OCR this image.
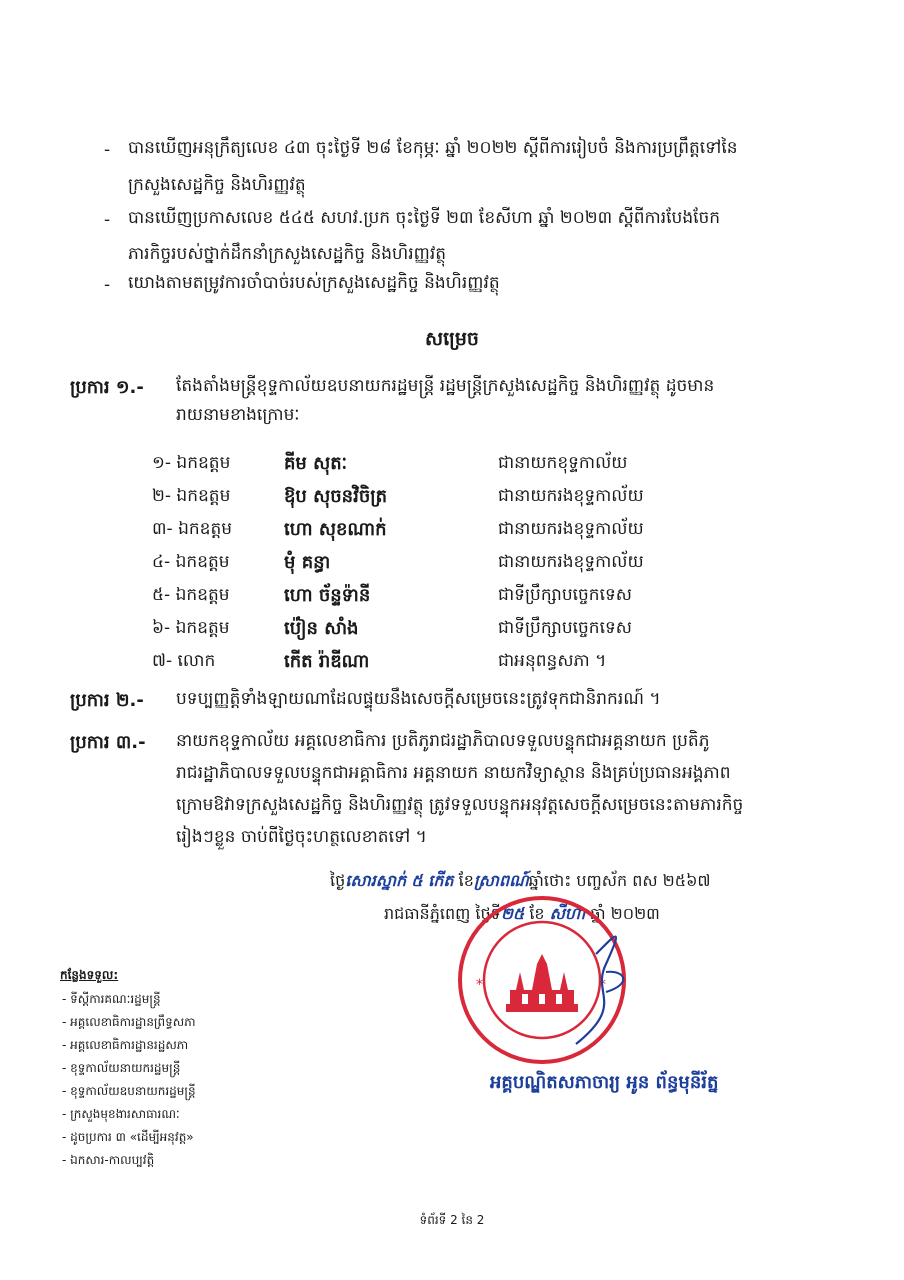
- បានឃើញអនុក្រឹត្យលេខ ៤៣ ចុះថ្ងៃទី ២៨ ខែកុម្ភៈ ឆ្នាំ ២០២២ ស្តីពីការរៀបចំ និងការប្រព្រឹត្តទៅនៃ
ក្រសួងសេដ្ឋកិច្ច និងហិរញ្ញវត្ថុ
- បានឃើញប្រកាសលេខ ៥៤៥ សហវ.ប្រក ចុះថ្ងៃទី ២៣ ខែសីហា ឆ្នាំ ២០២៣ ស្តីពីការបែងចែក
ភារកិច្ចរបស់ថ្នាក់ដឹកនាំក្រសួងសេដ្ឋកិច្ច និងហិរញ្ញវត្ថុ
- យោងតាមតម្រូវការចាំបាច់របស់ក្រសួងសេដ្ឋកិច្ច និងហិរញ្ញវត្ថុ
សម្រេច
ប្រការ ១.- តែងតាំងមន្ត្រីខុទ្ទកាល័យឧបនាយករដ្ឋមន្ត្រី រដ្ឋមន្ត្រីក្រសួងសេដ្ឋកិច្ច និងហិរញ្ញវត្ថុ ដូចមាន
រាយនាមខាងក្រោមៈ
១- ឯកឧត្តម	គីម សុតៈ	ជានាយកខុទ្ទកាល័យ
២- ឯកឧត្តម	ឱុប សុចនវិចិត្រ	ជានាយករងខុទ្ទកាល័យ
៣- ឯកឧត្តម	ហោ សុខណាក់	ជានាយករងខុទ្ទកាល័យ
៤- ឯកឧត្តម	មុំ គន្ធា	ជានាយករងខុទ្ទកាល័យ
៥- ឯកឧត្តម	ហោ ច័ន្ទទ៉ានី	ជាទីប្រឹក្សាបច្ចេកទេស
៦- ឯកឧត្តម	ប៉ៀន សាំង	ជាទីប្រឹក្សាបច្ចេកទេស
៧- លោក	កើត រ៉ាឌីណា	ជាអនុពន្ធសភា ។
ប្រការ ២.- បទប្បញ្ញត្តិទាំងឡាយណាដែលផ្ទុយនឹងសេចក្តីសម្រេចនេះត្រូវទុកជានិរាករណ៍ ។
ប្រការ ៣.- នាយកខុទ្ទកាល័យ អគ្គលេខាធិការ ប្រតិភូរាជរដ្ឋាភិបាលទទួលបន្ទុកជាអគ្គនាយក ប្រតិភូ
រាជរដ្ឋាភិបាលទទួលបន្ទុកជាអគ្គាធិការ អគ្គនាយក នាយកវិទ្យាស្ថាន និងគ្រប់ប្រធានអង្គភាព
ក្រោមឱវាទក្រសួងសេដ្ឋកិច្ច និងហិរញ្ញវត្ថុ ត្រូវទទួលបន្ទុកអនុវត្តសេចក្តីសម្រេចនេះតាមភារកិច្ច
រៀងៗខ្លួន ចាប់ពីថ្ងៃចុះហត្ថលេខាតទៅ ។
ថ្ងៃសោរស្នាក់ ៥ កើត ខែស្រាពណ៍ឆ្នាំថោះ បញ្ចស័ក ពស ២៥៦៧
រាជធានីភ្នំពេញ ថ្ងៃទី២៥ ខែ សីហា ឆ្នាំ ២០២៣
*	*
អគ្គបណ្ឌិតសភាចារ្យ អូន ព័ន្ធមុនីរ័ត្ន
កន្លែងទទួល:
- ទីស្តីការគណៈរដ្ឋមន្ត្រី
- អគ្គលេខាធិការដ្ឋានព្រឹទ្ធសភា
- អគ្គលេខាធិការដ្ឋានរដ្ឋសភា
- ខុទ្ទកាល័យនាយករដ្ឋមន្ត្រី
- ខុទ្ទកាល័យឧបនាយករដ្ឋមន្ត្រី
- ក្រសួងមុខងារសាធារណៈ
- ដូចប្រការ ៣ «ដើម្បីអនុវត្ត»
- ឯកសារ-កាលប្បវត្តិ
ទំព័រទី 2 នៃ 2
